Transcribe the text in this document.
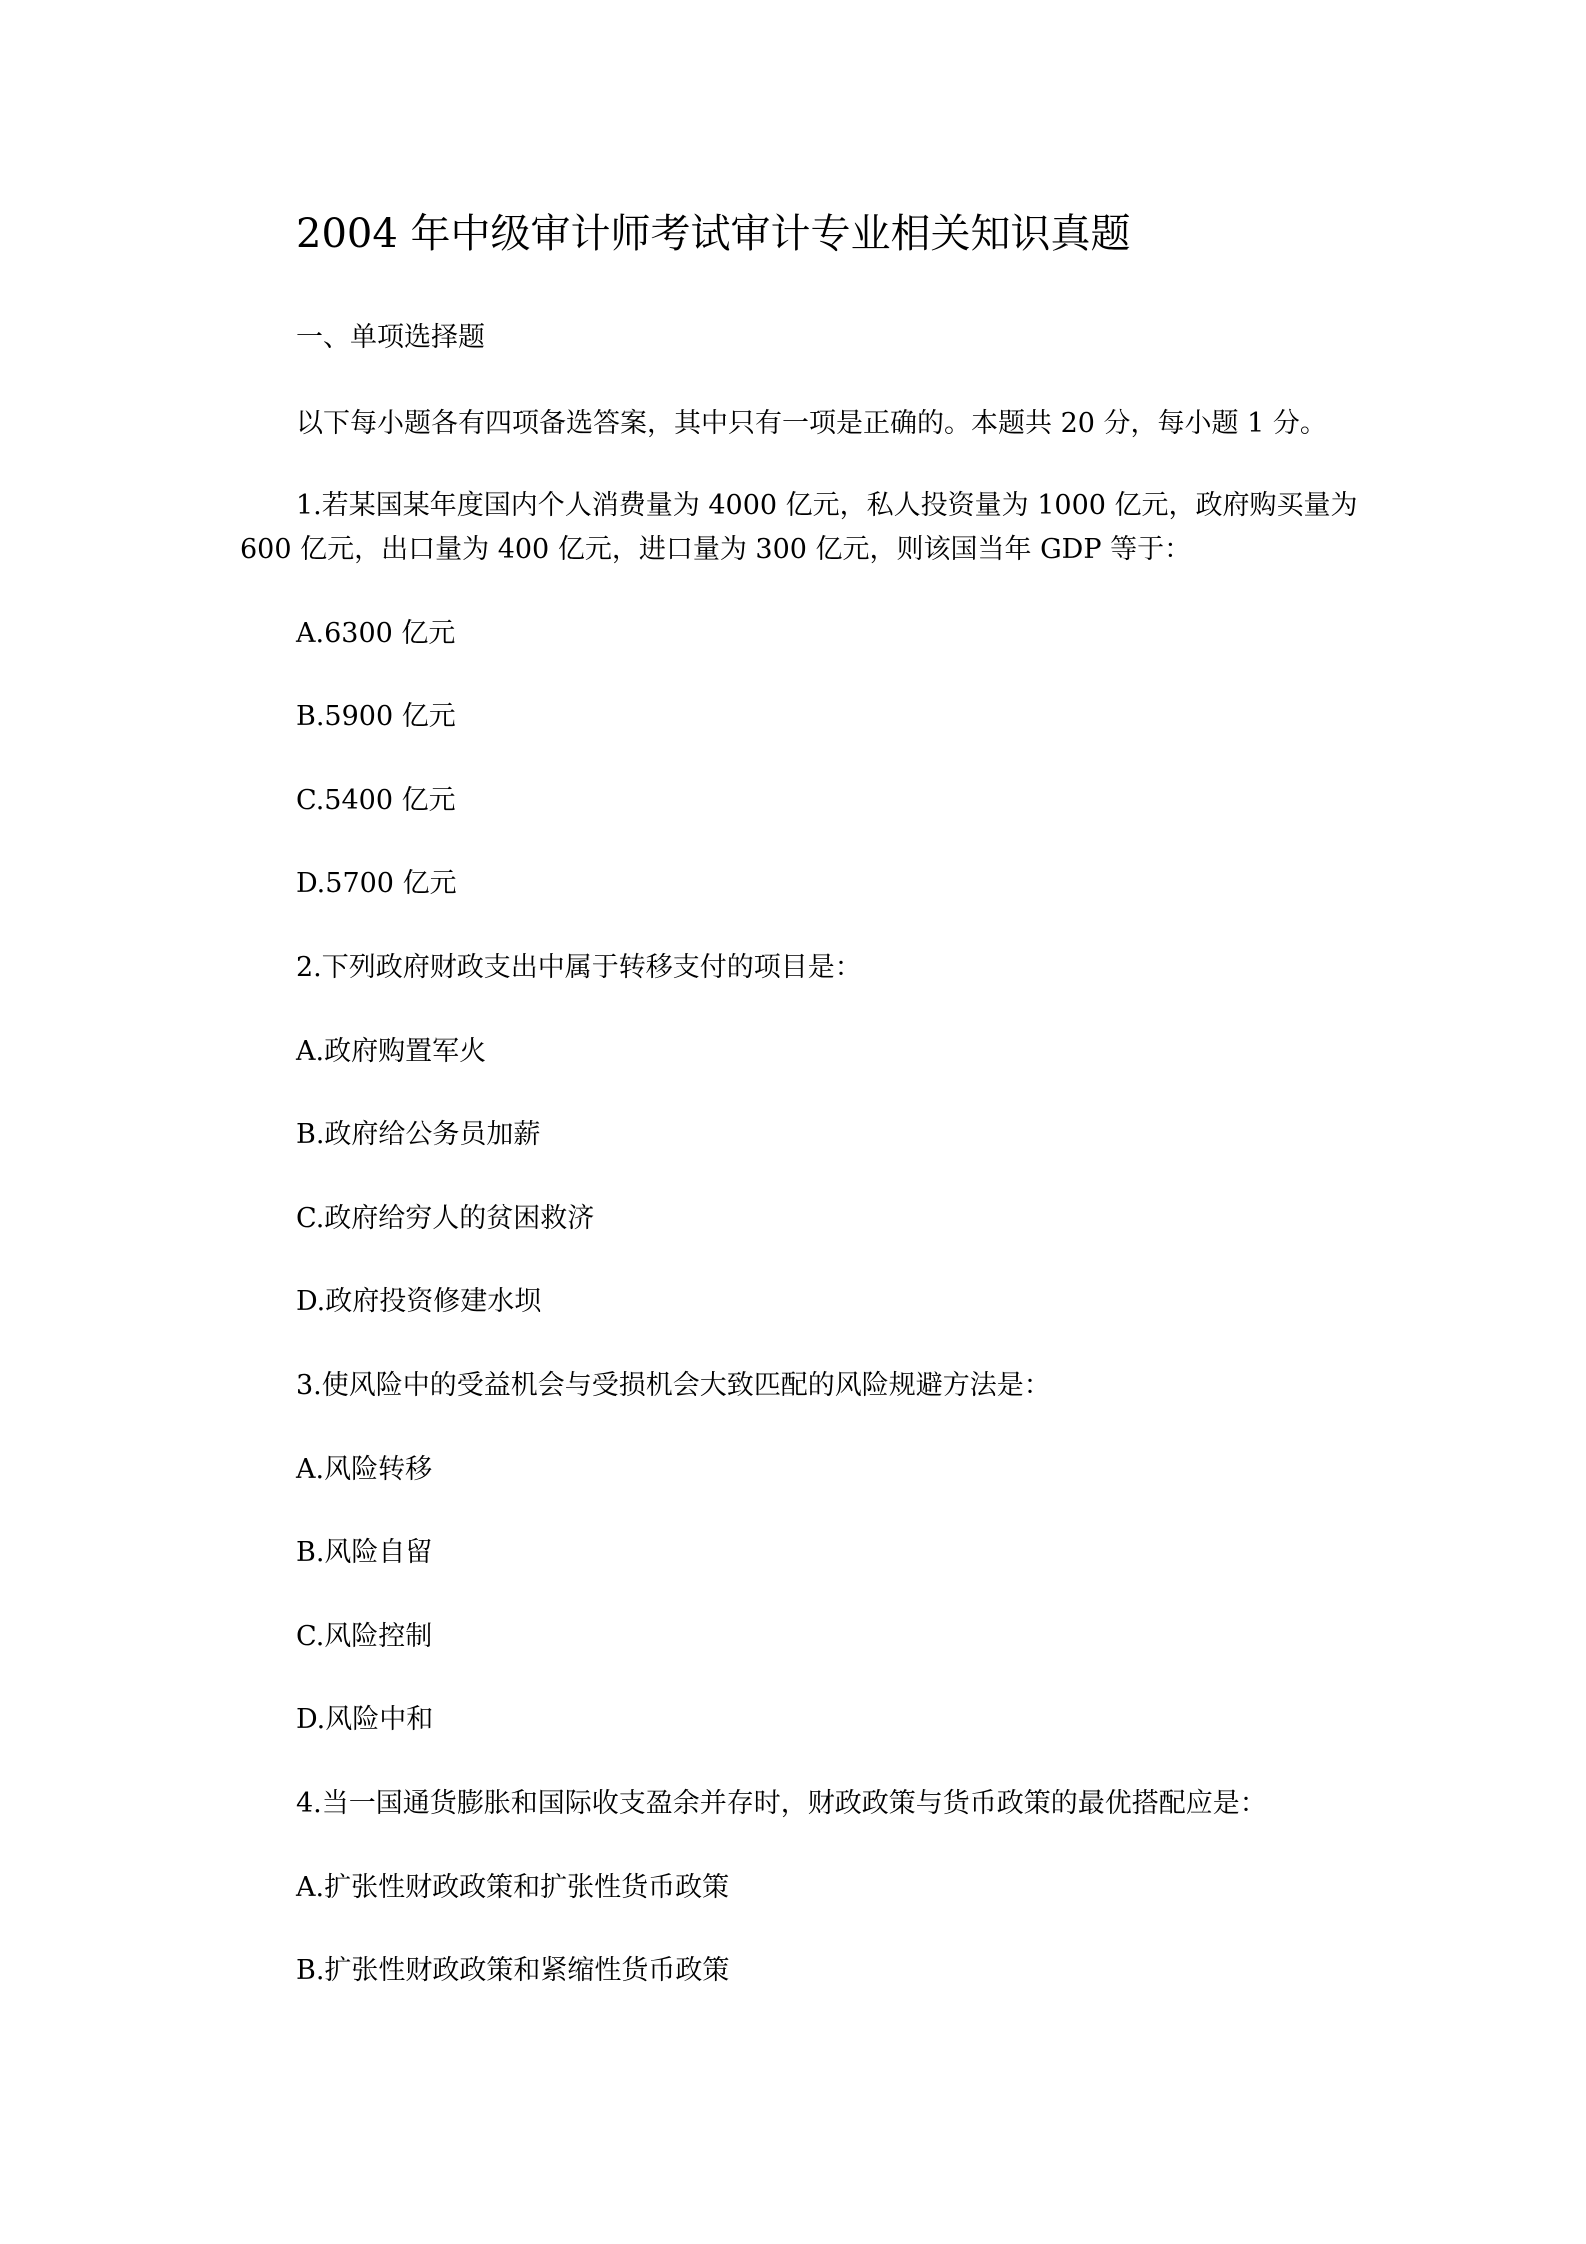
2004 年中级审计师考试审计专业相关知识真题

一、单项选择题

以下每小题各有四项备选答案，其中只有一项是正确的。本题共 20 分，每小题 1 分。

1.若某国某年度国内个人消费量为 4000 亿元，私人投资量为 1000 亿元，政府购买量为

600 亿元，出口量为 400 亿元，进口量为 300 亿元，则该国当年 GDP 等于：

A.6300 亿元

B.5900 亿元

C.5400 亿元

D.5700 亿元

2.下列政府财政支出中属于转移支付的项目是：

A.政府购置军火

B.政府给公务员加薪

C.政府给穷人的贫困救济

D.政府投资修建水坝

3.使风险中的受益机会与受损机会大致匹配的风险规避方法是：

A.风险转移

B.风险自留

C.风险控制

D.风险中和

4.当一国通货膨胀和国际收支盈余并存时，财政政策与货币政策的最优搭配应是：

A.扩张性财政政策和扩张性货币政策

B.扩张性财政政策和紧缩性货币政策
